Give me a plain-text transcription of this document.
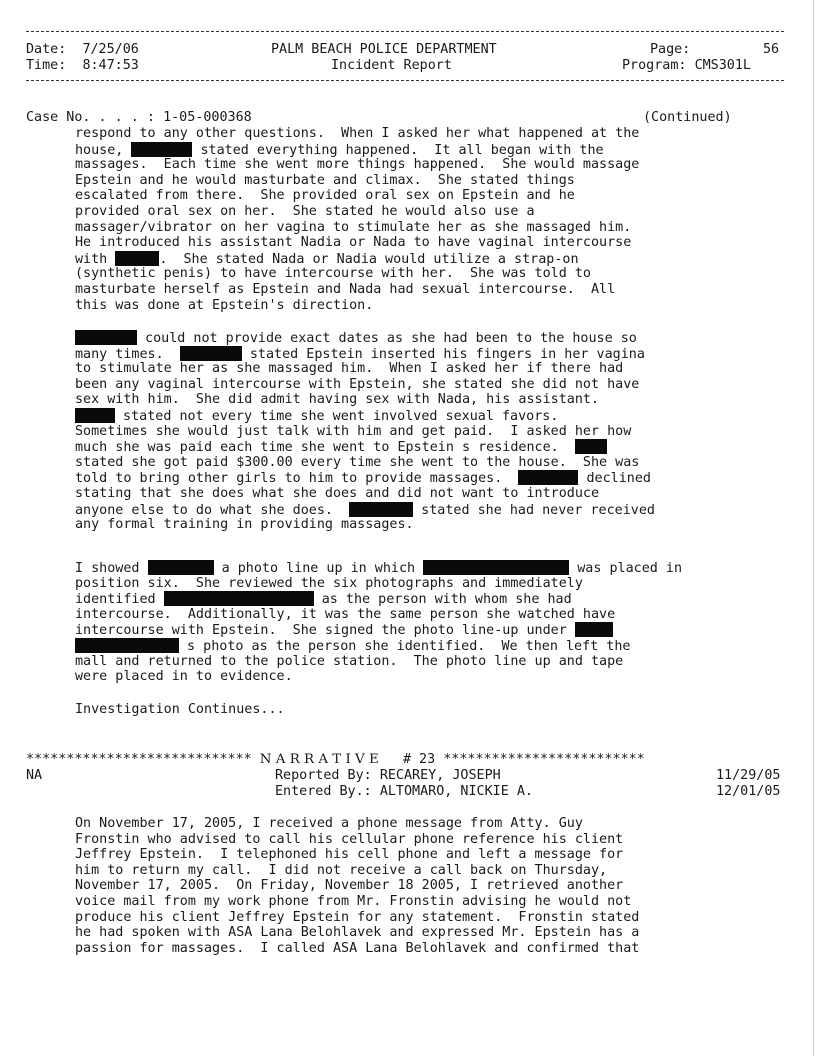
Date: 7/25/06
Time: 8:47:53
PALM BEACH POLICE DEPARTMENT
Incident Report
Page:	56
Program: CMS301L
Case No. . . . : 1-05-000368	(Continued)
respond to any other questions.  When I asked her what happened at the
house,	stated everything happened.  It all began with the
massages.  Each time she went more things happened.  She would massage
Epstein and he would masturbate and climax.  She stated things
escalated from there.  She provided oral sex on Epstein and he
provided oral sex on her.  She stated he would also use a
massager/vibrator on her vagina to stimulate her as she massaged him.
He introduced his assistant Nadia or Nada to have vaginal intercourse
with	.  She stated Nada or Nadia would utilize a strap-on
(synthetic penis) to have intercourse with her.  She was told to
masturbate herself as Epstein and Nada had sexual intercourse.  All
this was done at Epstein's direction.
could not provide exact dates as she had been to the house so
many times.	stated Epstein inserted his fingers in her vagina
to stimulate her as she massaged him.  When I asked her if there had
been any vaginal intercourse with Epstein, she stated she did not have
sex with him.  She did admit having sex with Nada, his assistant.
stated not every time she went involved sexual favors.
Sometimes she would just talk with him and get paid.  I asked her how
much she was paid each time she went to Epstein s residence.
stated she got paid $300.00 every time she went to the house.  She was
told to bring other girls to him to provide massages.	declined
stating that she does what she does and did not want to introduce
anyone else to do what she does.	stated she had never received
any formal training in providing massages.
I showed	a photo line up in which	was placed in
position six.  She reviewed the six photographs and immediately
identified	as the person with whom she had
intercourse.  Additionally, it was the same person she watched have
intercourse with Epstein.  She signed the photo line-up under
s photo as the person she identified.  We then left the
mall and returned to the police station.  The photo line up and tape
were placed in to evidence.
Investigation Continues...
**************************** N A R R A T I V E # 23 *************************
NA	Reported By: RECAREY, JOSEPH	11/29/05
Entered By.: ALTOMARO, NICKIE A.	12/01/05
On November 17, 2005, I received a phone message from Atty. Guy
Fronstin who advised to call his cellular phone reference his client
Jeffrey Epstein.  I telephoned his cell phone and left a message for
him to return my call.  I did not receive a call back on Thursday,
November 17, 2005.  On Friday, November 18 2005, I retrieved another
voice mail from my work phone from Mr. Fronstin advising he would not
produce his client Jeffrey Epstein for any statement.  Fronstin stated
he had spoken with ASA Lana Belohlavek and expressed Mr. Epstein has a
passion for massages.  I called ASA Lana Belohlavek and confirmed that
